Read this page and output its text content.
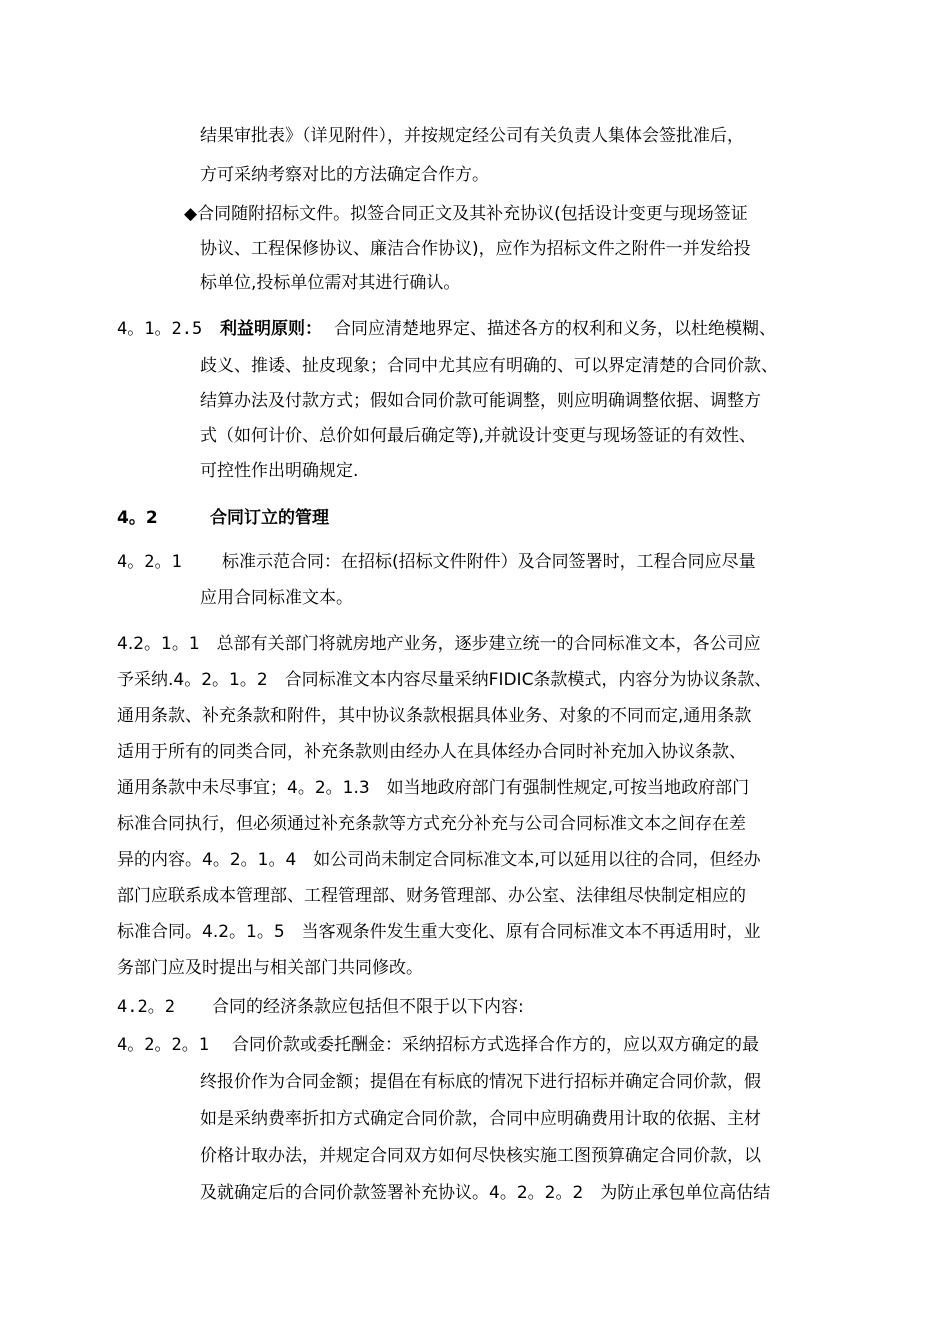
结果审批表》（详见附件），并按规定经公司有关负责人集体会签批准后，
方可采纳考察对比的方法确定合作方。
◆合同随附招标文件。拟签合同正文及其补充协议(包括设计变更与现场签证
协议、工程保修协议、廉洁合作协议)，应作为招标文件之附件一并发给投
标单位,投标单位需对其进行确认。
4。1。2.5 利益明原则： 合同应清楚地界定、描述各方的权利和义务，以杜绝模糊、
歧义、推诿、扯皮现象；合同中尤其应有明确的、可以界定清楚的合同价款、
结算办法及付款方式；假如合同价款可能调整，则应明确调整依据、调整方
式（如何计价、总价如何最后确定等),并就设计变更与现场签证的有效性、
可控性作出明确规定.
4。2	合同订立的管理
4。2。1 标准示范合同：在招标(招标文件附件）及合同签署时，工程合同应尽量
应用合同标准文本。
4.2。1。1　总部有关部门将就房地产业务，逐步建立统一的合同标准文本，各公司应
予采纳.4。2。1。2　合同标准文本内容尽量采纳FIDIC条款模式，内容分为协议条款、
通用条款、补充条款和附件，其中协议条款根据具体业务、对象的不同而定,通用条款
适用于所有的同类合同，补充条款则由经办人在具体经办合同时补充加入协议条款、
通用条款中未尽事宜；4。2。1.3　如当地政府部门有强制性规定,可按当地政府部门
标准合同执行，但必须通过补充条款等方式充分补充与公司合同标准文本之间存在差
异的内容。4。2。1。4　如公司尚未制定合同标准文本,可以延用以往的合同，但经办
部门应联系成本管理部、工程管理部、财务管理部、办公室、法律组尽快制定相应的
标准合同。4.2。1。5　当客观条件发生重大变化、原有合同标准文本不再适用时，业
务部门应及时提出与相关部门共同修改。
4.2。2 合同的经济条款应包括但不限于以下内容:
4。2。2。1 合同价款或委托酬金：采纳招标方式选择合作方的，应以双方确定的最
终报价作为合同金额；提倡在有标底的情况下进行招标并确定合同价款，假
如是采纳费率折扣方式确定合同价款，合同中应明确费用计取的依据、主材
价格计取办法，并规定合同双方如何尽快核实施工图预算确定合同价款，以
及就确定后的合同价款签署补充协议。4。2。2。2　为防止承包单位高估结
